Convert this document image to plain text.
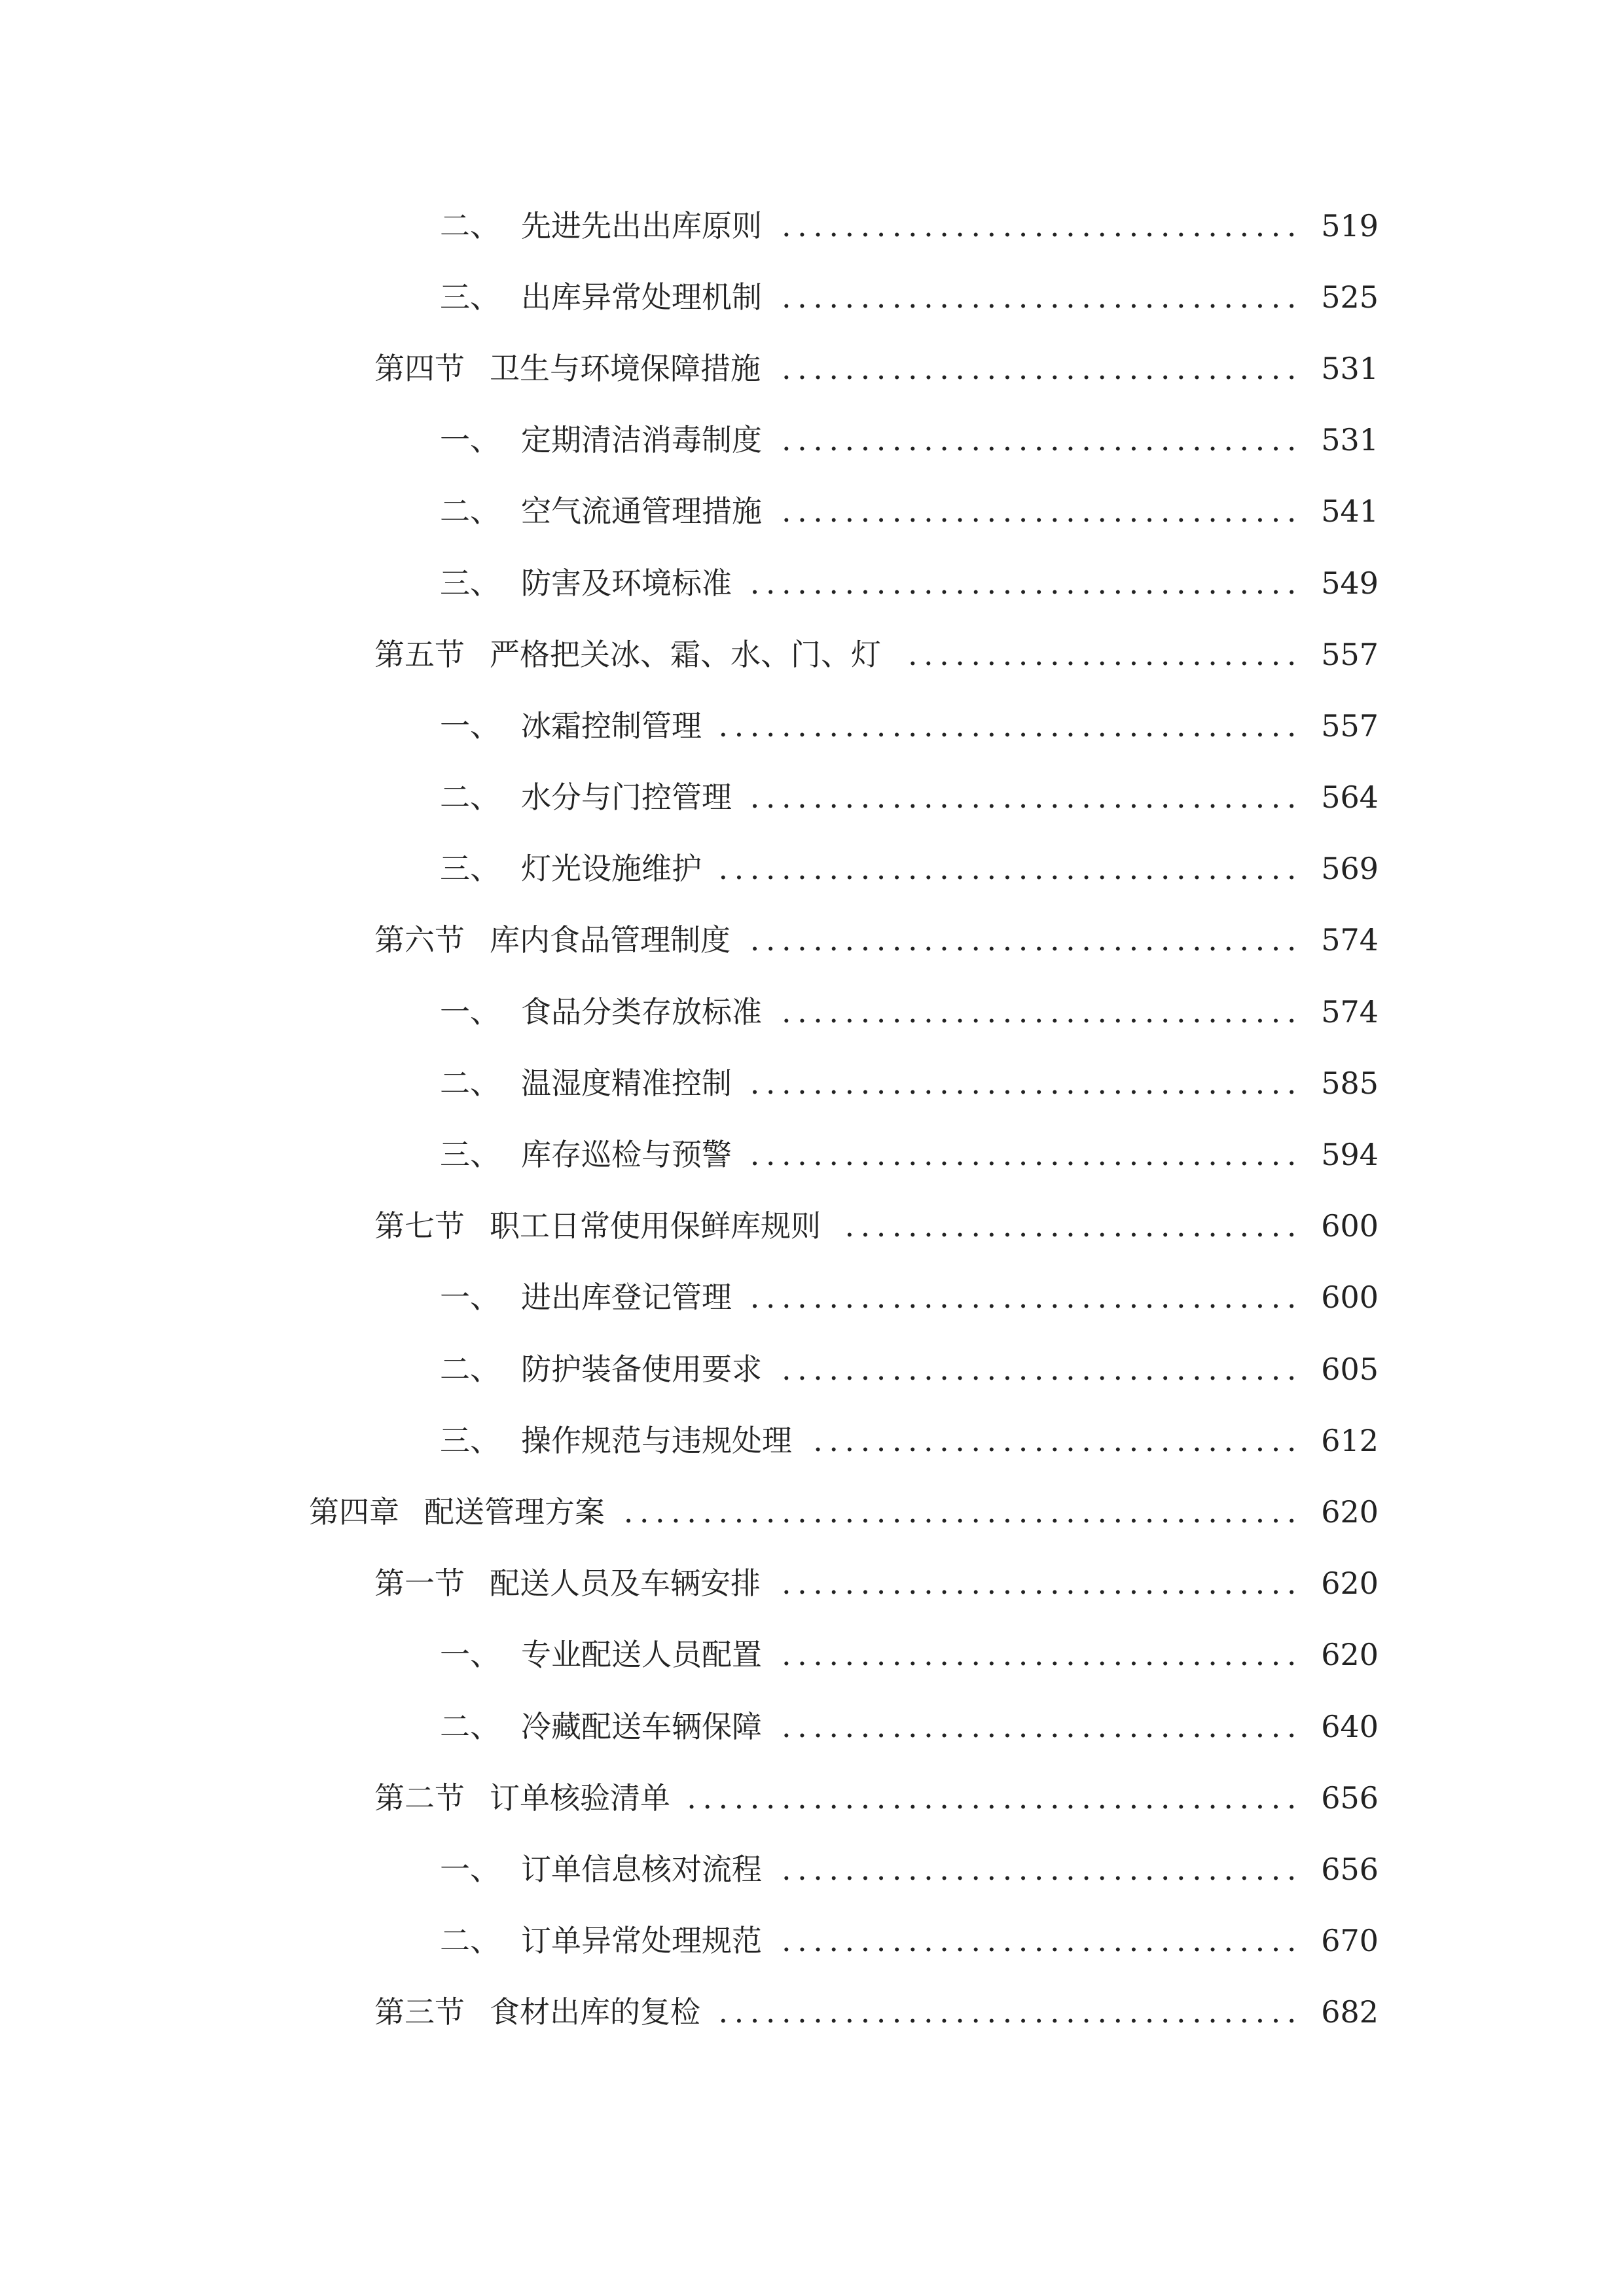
二、 先进先出出库原则 ................................. 519
三、 出库异常处理机制 ................................. 525
第四节 卫生与环境保障措施 ................................. 531
一、 定期清洁消毒制度 ................................. 531
二、 空气流通管理措施 ................................. 541
三、 防害及环境标准 ................................... 549
第五节 严格把关冰、霜、水、门、灯 ......................... 557
一、 冰霜控制管理 ..................................... 557
二、 水分与门控管理 ................................... 564
三、 灯光设施维护 ..................................... 569
第六节 库内食品管理制度 ................................... 574
一、 食品分类存放标准 ................................. 574
二、 温湿度精准控制 ................................... 585
三、 库存巡检与预警 ................................... 594
第七节 职工日常使用保鲜库规则 ............................. 600
一、 进出库登记管理 ................................... 600
二、 防护装备使用要求 ................................. 605
三、 操作规范与违规处理 ............................... 612
第四章 配送管理方案 ........................................... 620
第一节 配送人员及车辆安排 ................................. 620
一、 专业配送人员配置 ................................. 620
二、 冷藏配送车辆保障 ................................. 640
第二节 订单核验清单 ....................................... 656
一、 订单信息核对流程 ................................. 656
二、 订单异常处理规范 ................................. 670
第三节 食材出库的复检 ..................................... 682
